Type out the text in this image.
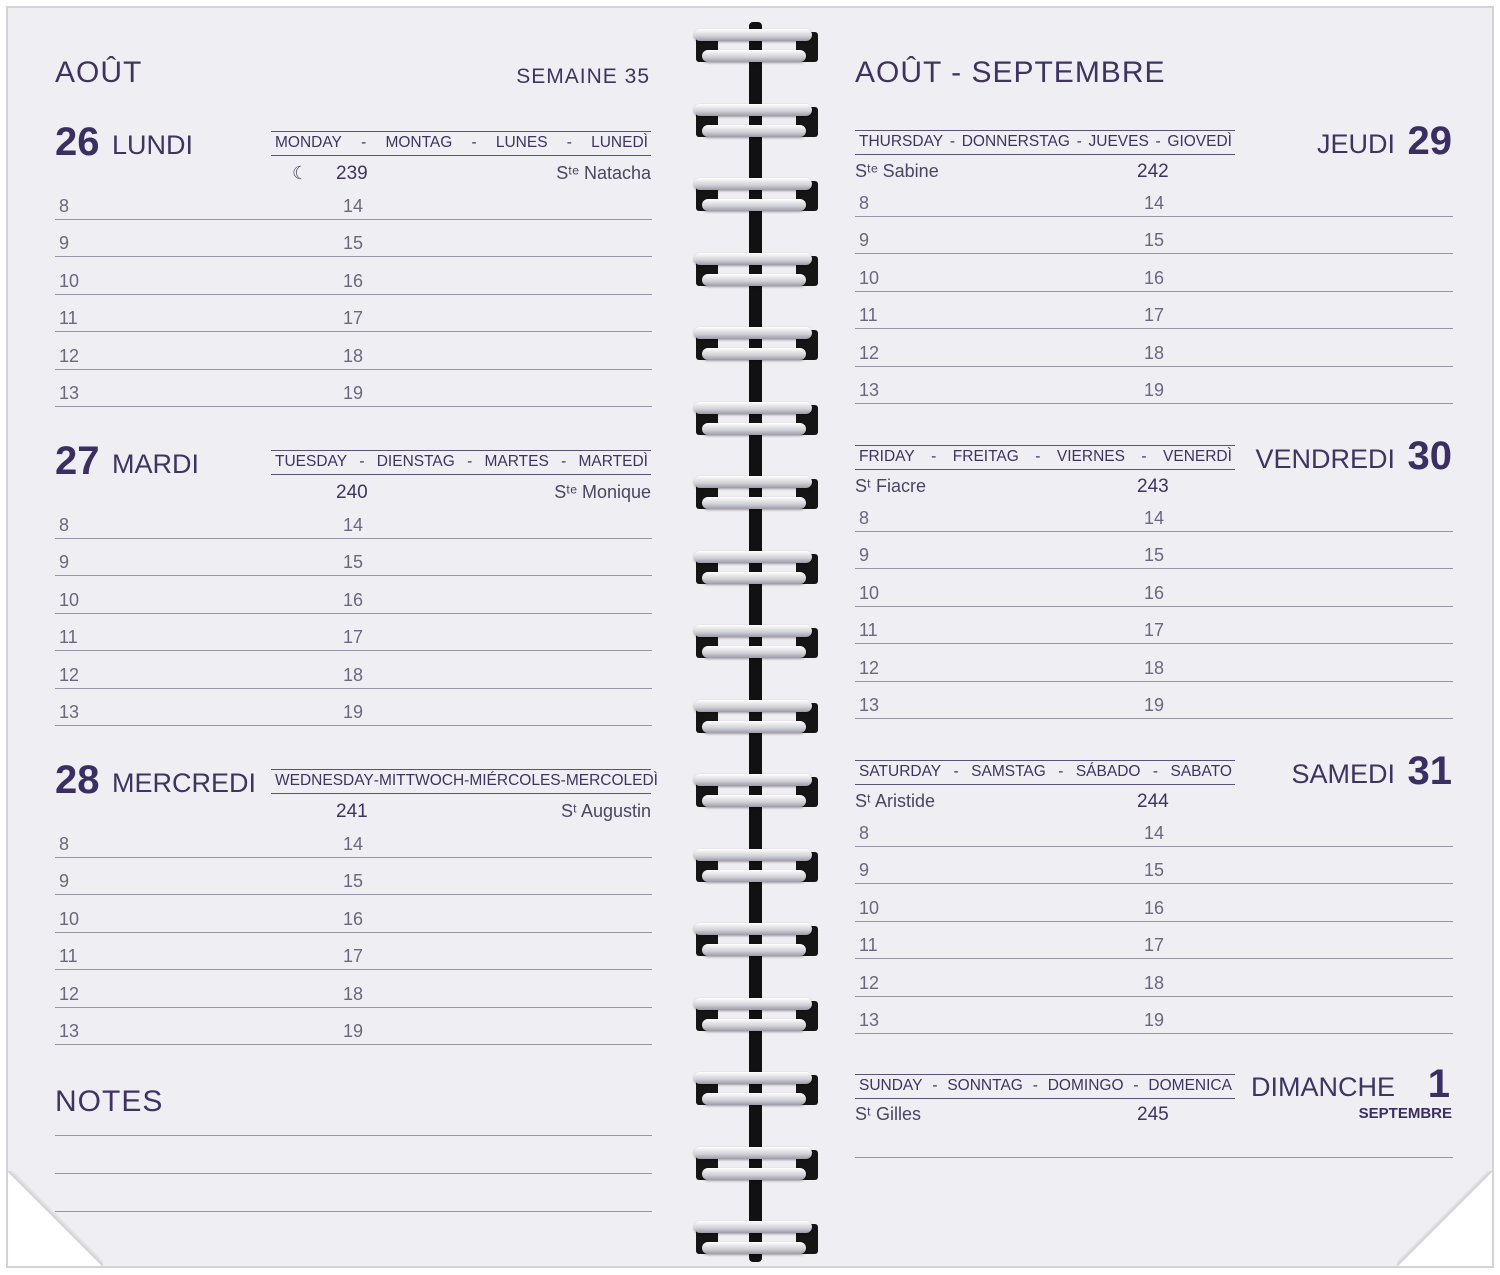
AOÛT	SEMAINE 35
26 LUNDI	MONDAY - MONTAG - LUNES - LUNEDÌ
☾ 239	Sᵗᵉ Natacha
8	14
9	15
10	16
11	17
12	18
13	19
27 MARDI	TUESDAY - DIENSTAG - MARTES - MARTEDÌ
240	Sᵗᵉ Monique
8	14
9	15
10	16
11	17
12	18
13	19
28 MERCREDI WEDNESDAY - MITTWOCH - MIÉRCOLES - MERCOLEDÌ
241	Sᵗ Augustin
8	14
9	15
10	16
11	17
12	18
13	19
NOTES
AOÛT - SEPTEMBRE
THURSDAY - DONNERSTAG - JUEVES - GIOVEDÌ	JEUDI 29
Sᵗᵉ Sabine	242
8	14
9	15
10	16
11	17
12	18
13	19
FRIDAY - FREITAG - VIERNES - VENERDÌ VENDREDI 30
Sᵗ Fiacre	243
8	14
9	15
10	16
11	17
12	18
13	19
SATURDAY - SAMSTAG - SÁBADO - SABATO SAMEDI 31
Sᵗ Aristide	244
8	14
9	15
10	16
11	17
12	18
13	19
SUNDAY - SONNTAG - DOMINGO - DOMENICA DIMANCHE 1
SEPTEMBRE
Sᵗ Gilles	245
